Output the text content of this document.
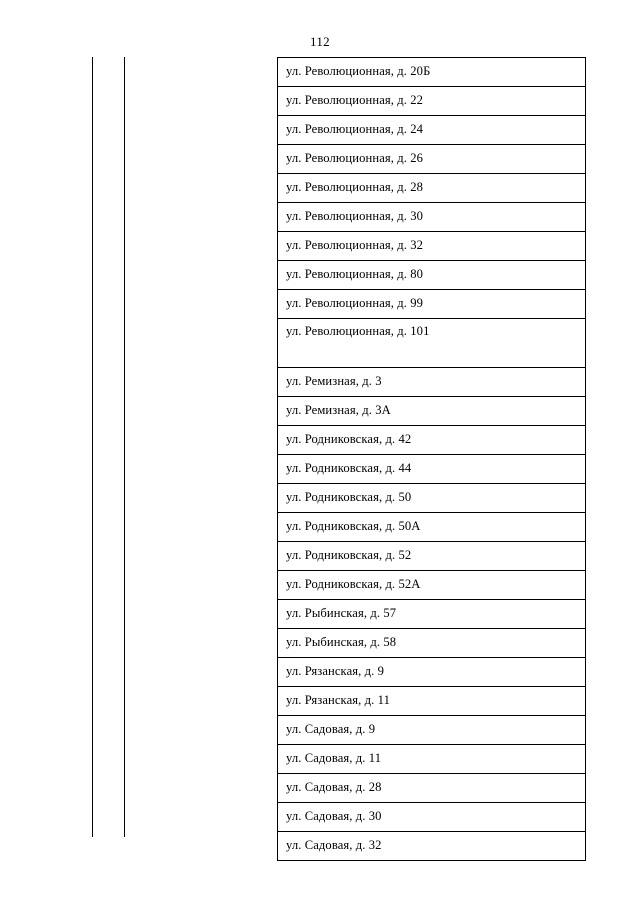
112
ул. Революционная, д. 20Б
ул. Революционная, д. 22
ул. Революционная, д. 24
ул. Революционная, д. 26
ул. Революционная, д. 28
ул. Революционная, д. 30
ул. Революционная, д. 32
ул. Революционная, д. 80
ул. Революционная, д. 99
ул. Революционная, д. 101
ул. Ремизная, д. 3
ул. Ремизная, д. 3А
ул. Родниковская, д. 42
ул. Родниковская, д. 44
ул. Родниковская, д. 50
ул. Родниковская, д. 50А
ул. Родниковская, д. 52
ул. Родниковская, д. 52А
ул. Рыбинская, д. 57
ул. Рыбинская, д. 58
ул. Рязанская, д. 9
ул. Рязанская, д. 11
ул. Садовая, д. 9
ул. Садовая, д. 11
ул. Садовая, д. 28
ул. Садовая, д. 30
ул. Садовая, д. 32
